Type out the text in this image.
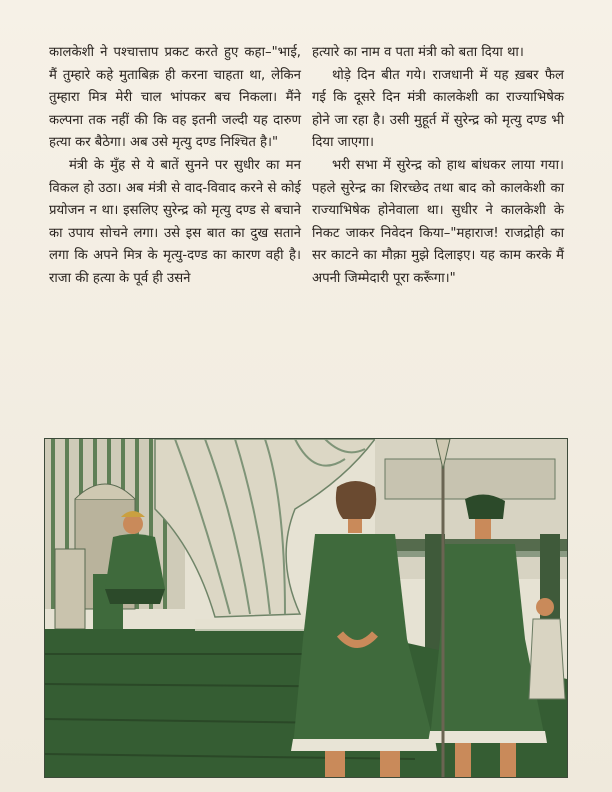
कालकेशी ने पश्चात्ताप प्रकट करते हुए कहा–"भाई, मैं तुम्हारे कहे मुताबिक़ ही करना चाहता था, लेकिन तुम्हारा मित्र मेरी चाल भांपकर बच निकला। मैंने कल्पना तक नहीं की कि वह इतनी जल्दी यह दारुण हत्या कर बैठेगा। अब उसे मृत्यु दण्ड निश्चित है।"

मंत्री के मुँह से ये बातें सुनने पर सुधीर का मन विकल हो उठा। अब मंत्री से वाद-विवाद करने से कोई प्रयोजन न था। इसलिए सुरेन्द्र को मृत्यु दण्ड से बचाने का उपाय सोचने लगा। उसे इस बात का दुख सताने लगा कि अपने मित्र के मृत्यु-दण्ड का कारण वही है। राजा की हत्या के पूर्व ही उसने

हत्यारे का नाम व पता मंत्री को बता दिया था।

थोड़े दिन बीत गये। राजधानी में यह ख़बर फैल गई कि दूसरे दिन मंत्री कालकेशी का राज्याभिषेक होने जा रहा है। उसी मुहूर्त में सुरेन्द्र को मृत्यु दण्ड भी दिया जाएगा।

भरी सभा में सुरेन्द्र को हाथ बांधकर लाया गया। पहले सुरेन्द्र का शिरच्छेद तथा बाद को कालकेशी का राज्याभिषेक होनेवाला था। सुधीर ने कालकेशी के निकट जाकर निवेदन किया–"महाराज! राजद्रोही का सर काटने का मौक़ा मुझे दिलाइए। यह काम करके मैं अपनी जिम्मेदारी पूरा करूँगा।"
